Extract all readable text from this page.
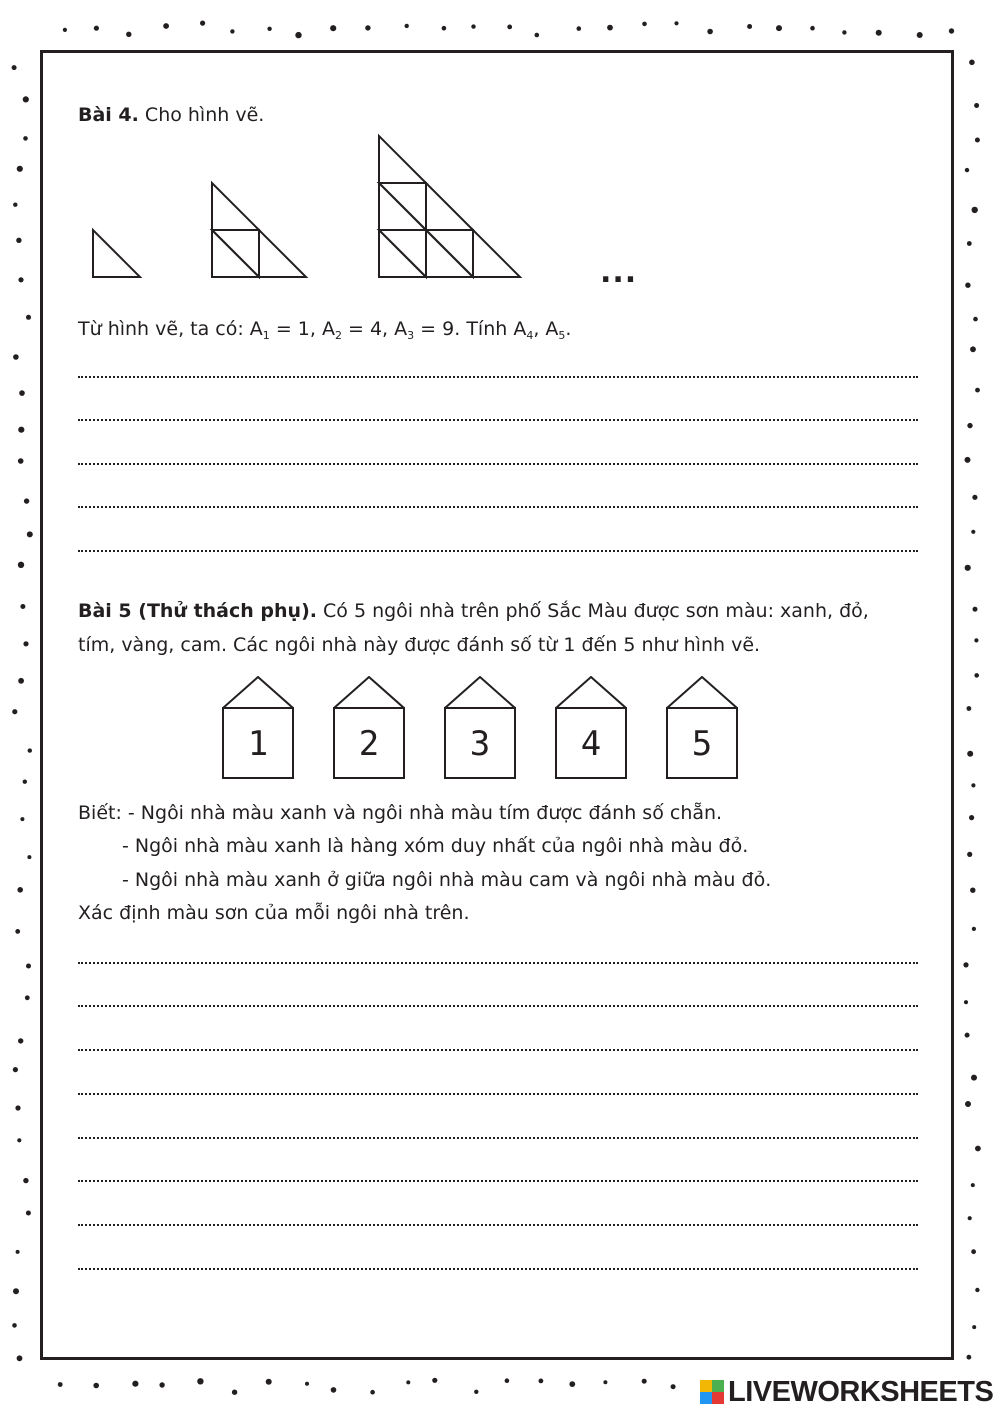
Bài 4. Cho hình vẽ.
...
Từ hình vẽ, ta có: $A_1 = 1$, $A_2 = 4$, $A_3 = 9$. Tính $A_4$, $A_5$.
Bài 5 (Thử thách phụ). Có 5 ngôi nhà trên phố Sắc Màu được sơn màu: xanh, đỏ,
tím, vàng, cam. Các ngôi nhà này được đánh số từ 1 đến 5 như hình vẽ.
1	2	3	4	5
Biết: - Ngôi nhà màu xanh và ngôi nhà màu tím được đánh số chẵn.
- Ngôi nhà màu xanh là hàng xóm duy nhất của ngôi nhà màu đỏ.
- Ngôi nhà màu xanh ở giữa ngôi nhà màu cam và ngôi nhà màu đỏ.
Xác định màu sơn của mỗi ngôi nhà trên.
LIVEWORKSHEETS
